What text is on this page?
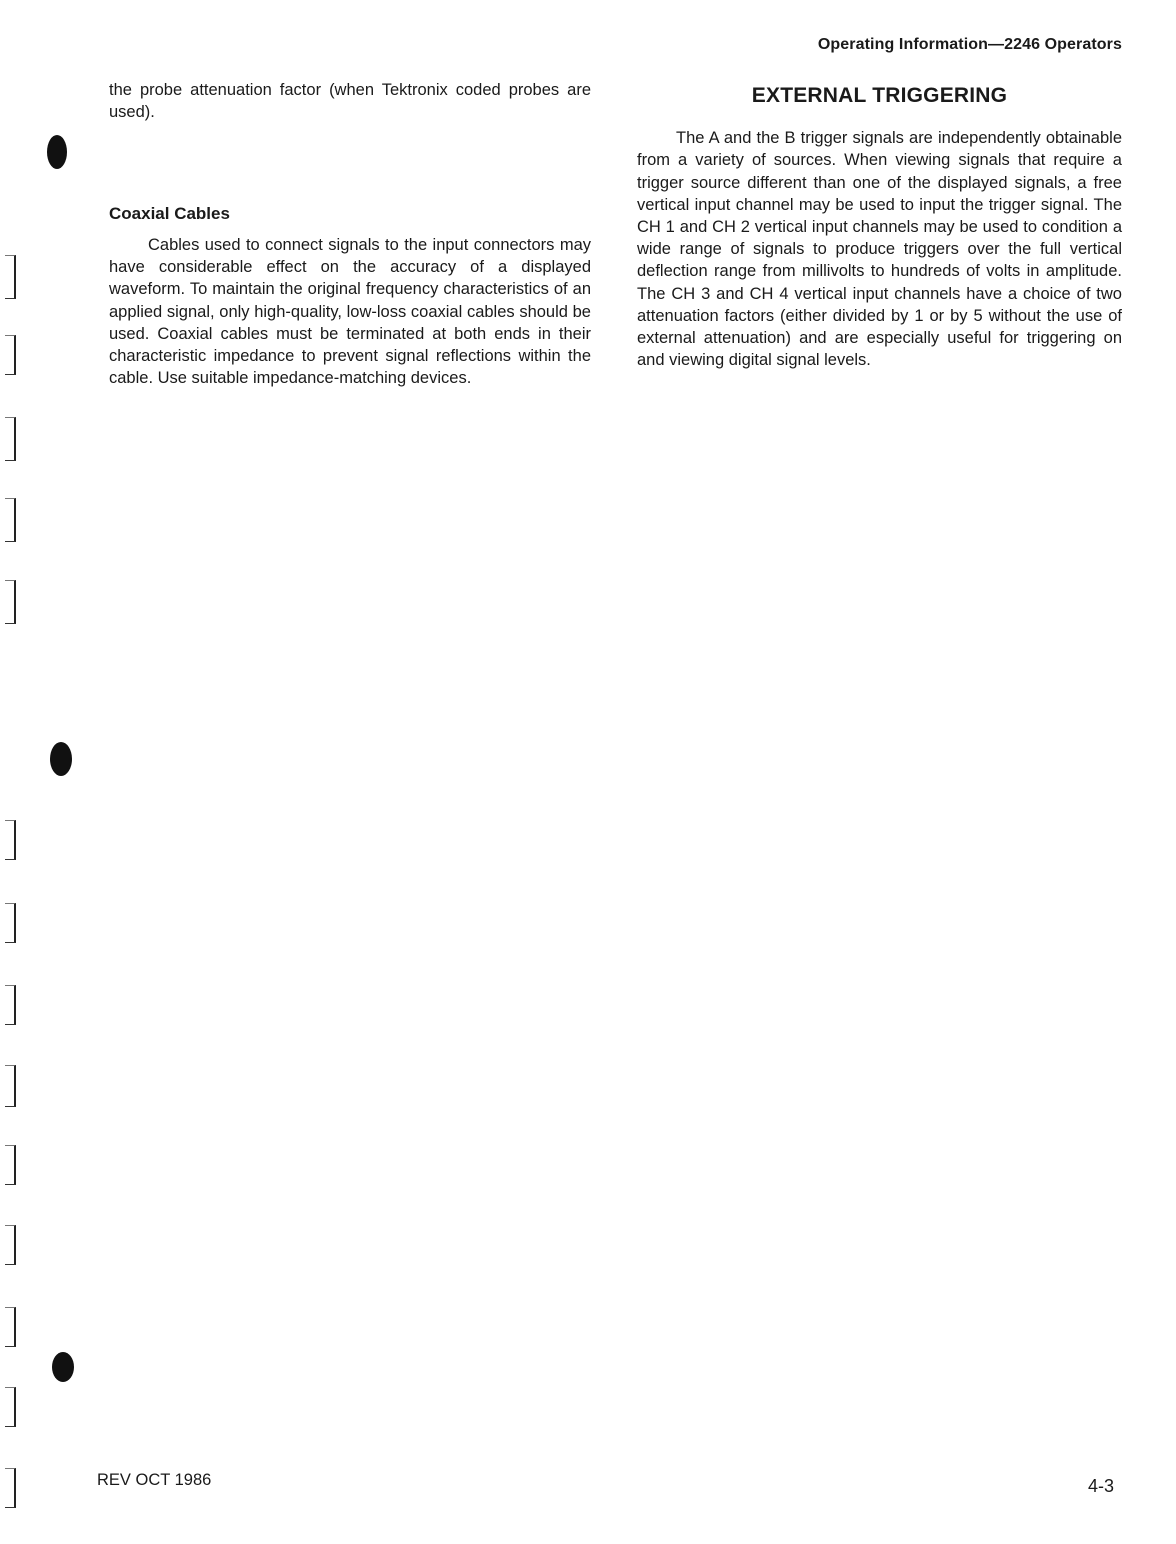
Operating Information—2246 Operators

the probe attenuation factor (when Tektronix coded probes are used).

Coaxial Cables

Cables used to connect signals to the input connectors may have considerable effect on the accuracy of a displayed waveform. To maintain the original frequency characteristics of an applied signal, only high-quality, low-loss coaxial cables should be used. Coaxial cables must be terminated at both ends in their characteristic impedance to prevent signal reflections within the cable. Use suitable impedance-matching devices.

EXTERNAL TRIGGERING

The A and the B trigger signals are independently obtainable from a variety of sources. When viewing signals that require a trigger source different than one of the displayed signals, a free vertical input channel may be used to input the trigger signal. The CH 1 and CH 2 vertical input channels may be used to condition a wide range of signals to produce triggers over the full vertical deflection range from millivolts to hundreds of volts in amplitude. The CH 3 and CH 4 vertical input channels have a choice of two attenuation factors (either divided by 1 or by 5 without the use of external attenuation) and are especially useful for triggering on and viewing digital signal levels.

REV OCT 1986	4-3
